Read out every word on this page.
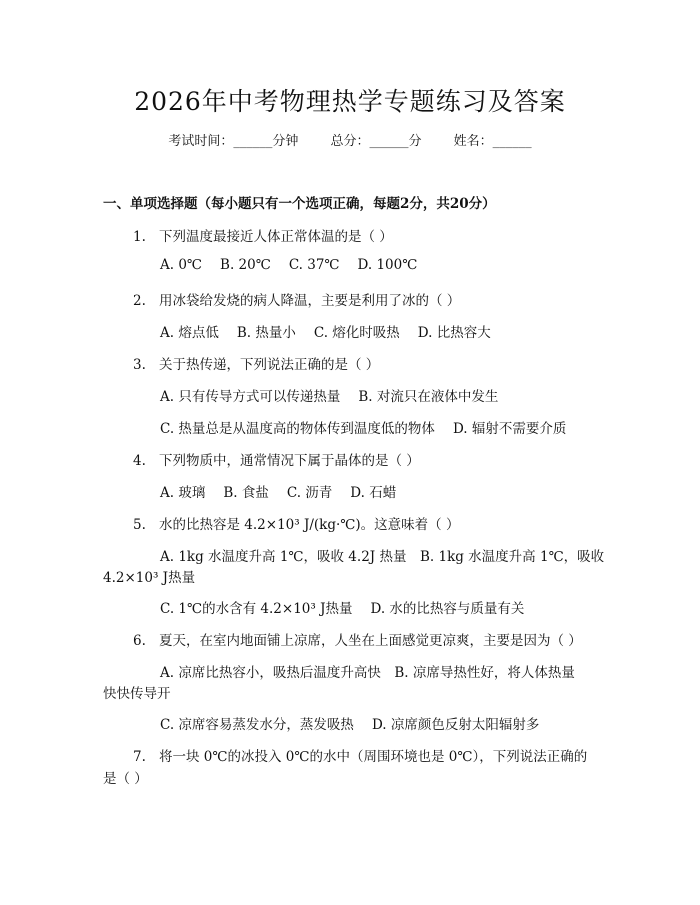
2026年中考物理热学专题练习及答案
考试时间：______分钟 总分：______分 姓名：______
一、单项选择题（每小题只有一个选项正确，每题2分，共20分）
1. 下列温度最接近人体正常体温的是（ ）
A. 0℃ B. 20℃ C. 37℃ D. 100℃
2. 用冰袋给发烧的病人降温，主要是利用了冰的（ ）
A. 熔点低 B. 热量小 C. 熔化时吸热 D. 比热容大
3. 关于热传递，下列说法正确的是（ ）
A. 只有传导方式可以传递热量 B. 对流只在液体中发生
C. 热量总是从温度高的物体传到温度低的物体 D. 辐射不需要介质
4. 下列物质中，通常情况下属于晶体的是（ ）
A. 玻璃 B. 食盐 C. 沥青 D. 石蜡
5. 水的比热容是 4.2×10³ J/(kg·℃)。这意味着（ ）
A. 1kg 水温度升高 1℃，吸收 4.2J 热量　B. 1kg 水温度升高 1℃，吸收
4.2×10³ J热量
C. 1℃的水含有 4.2×10³ J热量 D. 水的比热容与质量有关
6. 夏天，在室内地面铺上凉席，人坐在上面感觉更凉爽，主要是因为（ ）
A. 凉席比热容小，吸热后温度升高快　B. 凉席导热性好，将人体热量
快快传导开
C. 凉席容易蒸发水分，蒸发吸热 D. 凉席颜色反射太阳辐射多
7. 将一块 0℃的冰投入 0℃的水中（周围环境也是 0℃），下列说法正确的
是（ ）
